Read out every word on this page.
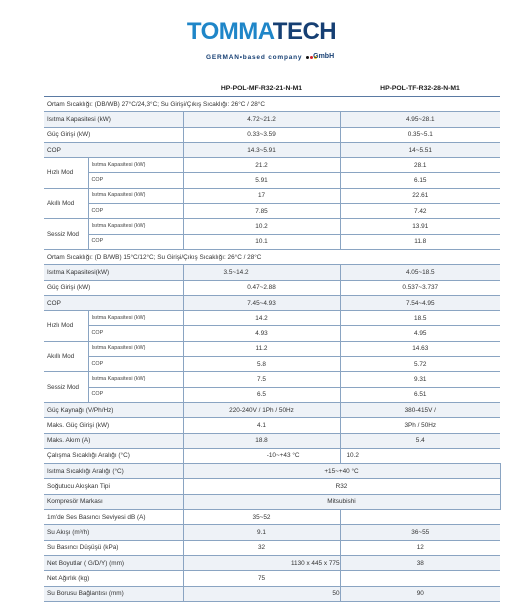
TOMMATECH
GmbH
GERMAN•based company
		HP-POL-MF-R32-21-N-M1	HP-POL-TF-R32-28-N-M1
Ortam Sıcaklığı: (DB/WB) 27°C/24,3°C; Su Girişi/Çıkış Sıcaklığı: 26°C / 28°C			
Isıtma Kapasitesi (kW)		4.72~21.2	4.95~28.1
Güç Girişi (kW)		0.33~3.59	0.35~5.1
COP		14.3~5.91	14~5.51
Hızlı Mod	Isıtma Kapasitesi (kW)	21.2	28.1
	COP	5.91	6.15
Akıllı Mod	Isıtma Kapasitesi (kW)	17	22.61
	COP	7.85	7.42
Sessiz Mod	Isıtma Kapasitesi (kW)	10.2	13.91
	COP	10.1	11.8
Ortam Sıcaklığı: (D B/WB) 15°C/12°C; Su Girişi/Çıkış Sıcaklığı: 26°C / 28°C			
Isıtma Kapasitesi(kW)		3.5~14.2	4.05~18.5
Güç Girişi (kW)		0.47~2.88	0.537~3.737
COP		7.45~4.93	7.54~4.95
Hızlı Mod	Isıtma Kapasitesi (kW)	14.2	18.5
	COP	4.93	4.95
Akıllı Mod	Isıtma Kapasitesi (kW)	11.2	14.63
	COP	5.8	5.72
Sessiz Mod	Isıtma Kapasitesi (kW)	7.5	9.31
	COP	6.5	6.51
Güç Kaynağı (V/Ph/Hz)		220-240V / 1Ph / 50Hz	380-415V /
Maks. Güç Girişi (kW)		4.1	3Ph / 50Hz
Maks. Akım (A)		18.8	5.4
Çalışma Sıcaklığı Aralığı (°C)		-10~+43 °C	10.2
Isıtma Sıcaklığı Aralığı (°C)		+15~+40 °C	
Soğutucu Akışkan Tipi		R32	
Kompresör Markası		Mitsubishi	
1m'de Ses Basıncı Seviyesi dB (A)		35~52	
Su Akışı (m³/h)		9.1	36~55
Su Basıncı Düşüşü (kPa)		32	12
Net Boyutlar ( G/D/Y) (mm)		1130 x 445 x 775	38
Net Ağırlık (kg)		75	
Su Borusu Bağlantısı (mm)		50	90
